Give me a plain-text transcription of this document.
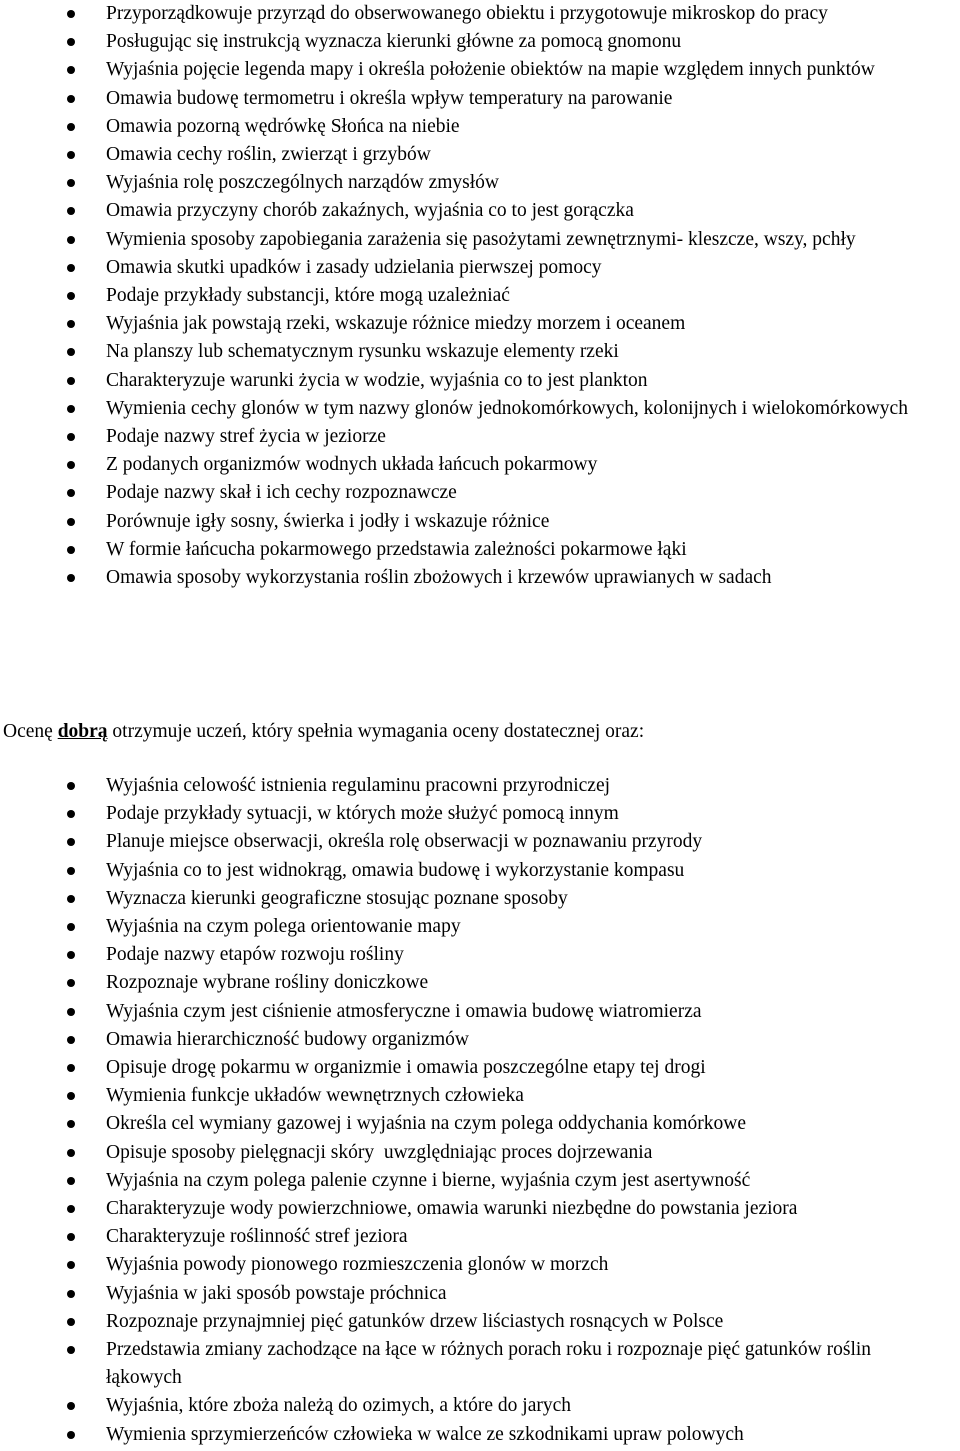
Przyporządkowuje przyrząd do obserwowanego obiektu i przygotowuje mikroskop do pracy
Posługując się instrukcją wyznacza kierunki główne za pomocą gnomonu
Wyjaśnia pojęcie legenda mapy i określa położenie obiektów na mapie względem innych punktów
Omawia budowę termometru i określa wpływ temperatury na parowanie
Omawia pozorną wędrówkę Słońca na niebie
Omawia cechy roślin, zwierząt i grzybów
Wyjaśnia rolę poszczególnych narządów zmysłów
Omawia przyczyny chorób zakaźnych, wyjaśnia co to jest gorączka
Wymienia sposoby zapobiegania zarażenia się pasożytami zewnętrznymi- kleszcze, wszy, pchły
Omawia skutki upadków i zasady udzielania pierwszej pomocy
Podaje przykłady substancji, które mogą uzależniać
Wyjaśnia jak powstają rzeki, wskazuje różnice miedzy morzem i oceanem
Na planszy lub schematycznym rysunku wskazuje elementy rzeki
Charakteryzuje warunki życia w wodzie, wyjaśnia co to jest plankton
Wymienia cechy glonów w tym nazwy glonów jednokomórkowych, kolonijnych i wielokomórkowych
Podaje nazwy stref życia w jeziorze
Z podanych organizmów wodnych układa łańcuch pokarmowy
Podaje nazwy skał i ich cechy rozpoznawcze
Porównuje igły sosny, świerka i jodły i wskazuje różnice
W formie łańcucha pokarmowego przedstawia zależności pokarmowe łąki
Omawia sposoby wykorzystania roślin zbożowych i krzewów uprawianych w sadach
Ocenę dobrą otrzymuje uczeń, który spełnia wymagania oceny dostatecznej oraz:
Wyjaśnia celowość istnienia regulaminu pracowni przyrodniczej
Podaje przykłady sytuacji, w których może służyć pomocą innym
Planuje miejsce obserwacji, określa rolę obserwacji w poznawaniu przyrody
Wyjaśnia co to jest widnokrąg, omawia budowę i wykorzystanie kompasu
Wyznacza kierunki geograficzne stosując poznane sposoby
Wyjaśnia na czym polega orientowanie mapy
Podaje nazwy etapów rozwoju rośliny
Rozpoznaje wybrane rośliny doniczkowe
Wyjaśnia czym jest ciśnienie atmosferyczne i omawia budowę wiatromierza
Omawia hierarchiczność budowy organizmów
Opisuje drogę pokarmu w organizmie i omawia poszczególne etapy tej drogi
Wymienia funkcje układów wewnętrznych człowieka
Określa cel wymiany gazowej i wyjaśnia na czym polega oddychania komórkowe
Opisuje sposoby pielęgnacji skóry  uwzględniając proces dojrzewania
Wyjaśnia na czym polega palenie czynne i bierne, wyjaśnia czym jest asertywność
Charakteryzuje wody powierzchniowe, omawia warunki niezbędne do powstania jeziora
Charakteryzuje roślinność stref jeziora
Wyjaśnia powody pionowego rozmieszczenia glonów w morzch
Wyjaśnia w jaki sposób powstaje próchnica
Rozpoznaje przynajmniej pięć gatunków drzew liściastych rosnących w Polsce
Przedstawia zmiany zachodzące na łące w różnych porach roku i rozpoznaje pięć gatunków roślin łąkowych
Wyjaśnia, które zboża należą do ozimych, a które do jarych
Wymienia sprzymierzeńców człowieka w walce ze szkodnikami upraw polowych
